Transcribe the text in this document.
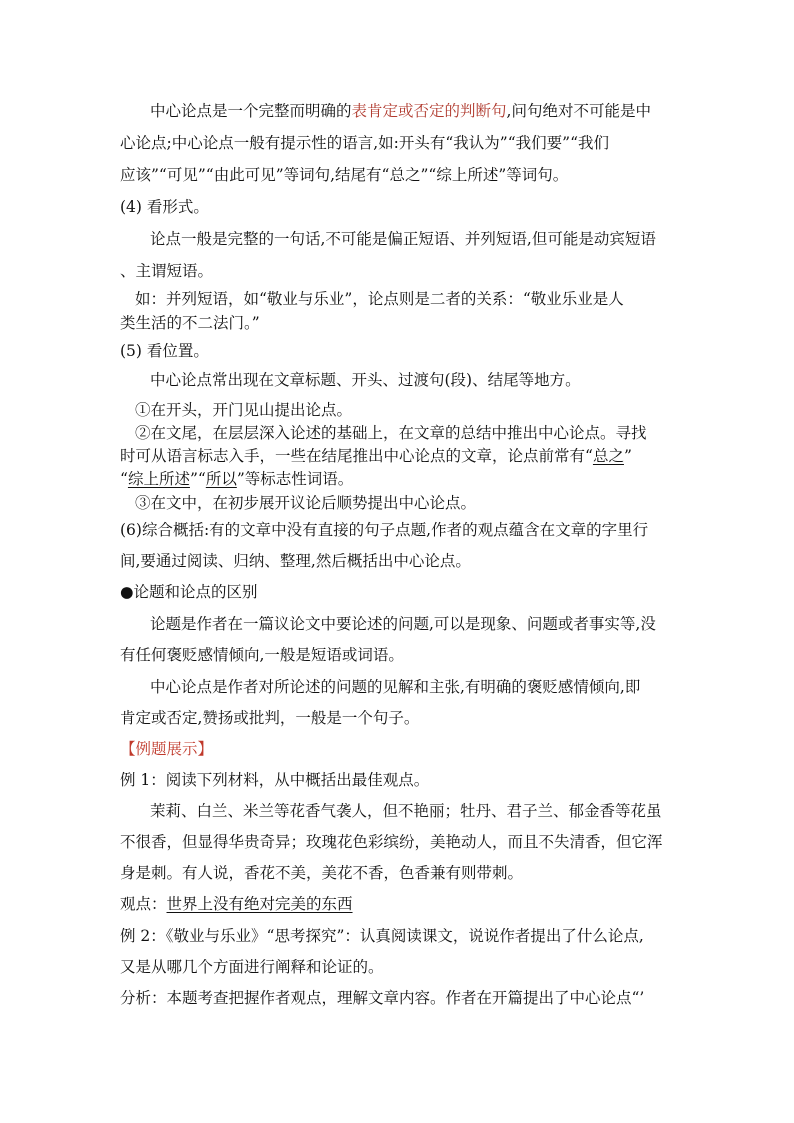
中心论点是一个完整而明确的表肯定或否定的判断句,问句绝对不可能是中
心论点;中心论点一般有提示性的语言,如:开头有“我认为”“我们要”“我们
应该”“可见”“由此可见”等词句,结尾有“总之”“综上所述”等词句。
(4) 看形式。
论点一般是完整的一句话,不可能是偏正短语、并列短语,但可能是动宾短语
、主谓短语。
如：并列短语，如“敬业与乐业”，论点则是二者的关系：“敬业乐业是人
类生活的不二法门。”
(5) 看位置。
中心论点常出现在文章标题、开头、过渡句(段)、结尾等地方。
①在开头，开门见山提出论点。
②在文尾，在层层深入论述的基础上，在文章的总结中推出中心论点。寻找
时可从语言标志入手，一些在结尾推出中心论点的文章，论点前常有“总之”
“综上所述”“所以”等标志性词语。
③在文中，在初步展开议论后顺势提出中心论点。
(6)综合概括:有的文章中没有直接的句子点题,作者的观点蕴含在文章的字里行
间,要通过阅读、归纳、整理,然后概括出中心论点。
●论题和论点的区别
论题是作者在一篇议论文中要论述的问题,可以是现象、问题或者事实等,没
有任何褒贬感情倾向,一般是短语或词语。
中心论点是作者对所论述的问题的见解和主张,有明确的褒贬感情倾向,即
肯定或否定,赞扬或批判，一般是一个句子。
【例题展示】
例 1：阅读下列材料，从中概括出最佳观点。
茉莉、白兰、米兰等花香气袭人，但不艳丽；牡丹、君子兰、郁金香等花虽
不很香，但显得华贵奇异；玫瑰花色彩缤纷，美艳动人，而且不失清香，但它浑
身是刺。有人说，香花不美，美花不香，色香兼有则带刺。
观点：世界上没有绝对完美的东西
例 2：《敬业与乐业》“思考探究”：认真阅读课文，说说作者提出了什么论点,
又是从哪几个方面进行阐释和论证的。
分析：本题考查把握作者观点，理解文章内容。作者在开篇提出了中心论点“’
